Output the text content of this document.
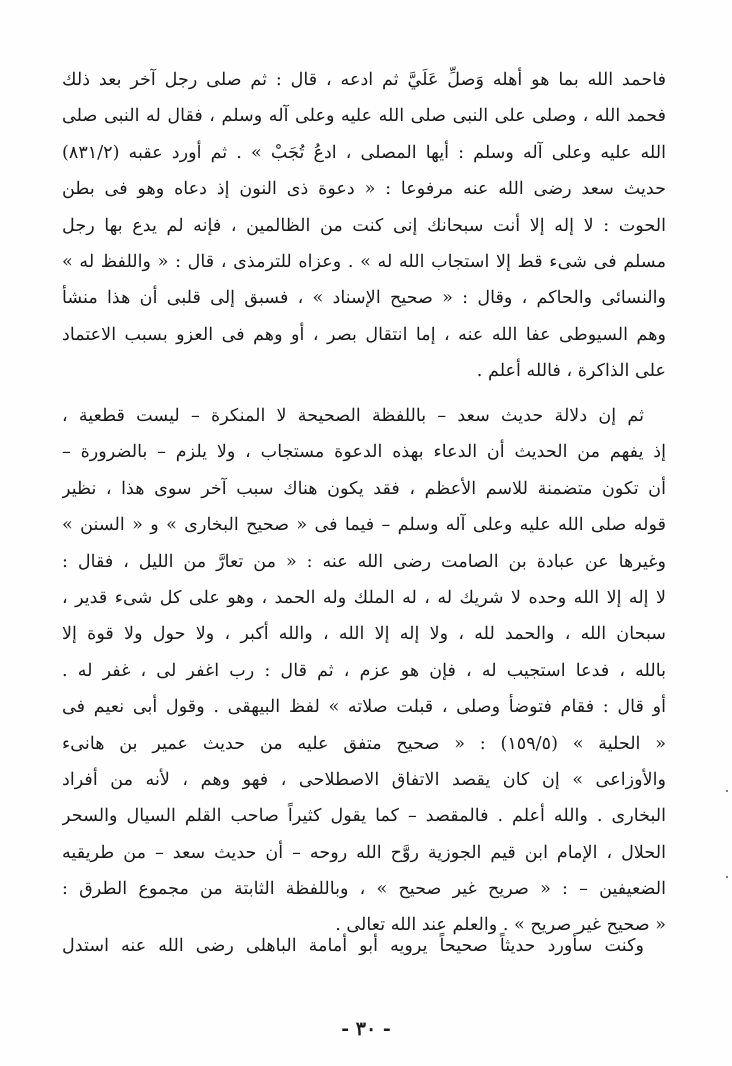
فاحمد الله بما هو أهله وَصلِّ عَلَيَّ ثم ادعه ، قال : ثم صلى رجل آخر بعد ذلك
فحمد الله ، وصلى على النبى صلى الله عليه وعلى آله وسلم ، فقال له النبى صلى
الله عليه وعلى آله وسلم : أيها المصلى ، ادعُ تُجَبْ » . ثم أورد عقبه (٨٣١/٢)
حديث سعد رضى الله عنه مرفوعا : « دعوة ذى النون إذ دعاه وهو فى بطن
الحوت : لا إله إلا أنت سبحانك إنى كنت من الظالمين ، فإنه لم يدع بها رجل
مسلم فى شىء قط إلا استجاب الله له » . وعزاه للترمذى ، قال : « واللفظ له »
والنسائى والحاكم ، وقال : « صحيح الإسناد » ، فسبق إلى قلبى أن هذا منشأ
وهم السيوطى عفا الله عنه ، إما انتقال بصر ، أو وهم فى العزو بسبب الاعتماد
على الذاكرة ، فالله أعلم .
ثم إن دلالة حديث سعد – باللفظة الصحيحة لا المنكرة – ليست قطعية ،
إذ يفهم من الحديث أن الدعاء بهذه الدعوة مستجاب ، ولا يلزم – بالضرورة –
أن تكون متضمنة للاسم الأعظم ، فقد يكون هناك سبب آخر سوى هذا ، نظير
قوله صلى الله عليه وعلى آله وسلم – فيما فى « صحيح البخارى » و « السنن »
وغيرها عن عبادة بن الصامت رضى الله عنه : « من تعارَّ من الليل ، فقال :
لا إله إلا الله وحده لا شريك له ، له الملك وله الحمد ، وهو على كل شىء قدير ،
سبحان الله ، والحمد لله ، ولا إله إلا الله ، والله أكبر ، ولا حول ولا قوة إلا
بالله ، فدعا استجيب له ، فإن هو عزم ، ثم قال : رب اغفر لى ، غفر له .
أو قال : فقام فتوضأ وصلى ، قبلت صلاته » لفظ البيهقى . وقول أبى نعيم فى
« الحلية » (١٥٩/٥) : « صحيح متفق عليه من حديث عمير بن هانىء
والأوزاعى » إن كان يقصد الاتفاق الاصطلاحى ، فهو وهم ، لأنه من أفراد
البخارى . والله أعلم . فالمقصد – كما يقول كثيراً صاحب القلم السيال والسحر
الحلال ، الإمام ابن قيم الجوزية روَّح الله روحه – أن حديث سعد – من طريقيه
الضعيفين – : « صريح غير صحيح » ، وباللفظة الثابتة من مجموع الطرق :
« صحيح غير صريح » . والعلم عند الله تعالى .
وكنت سأورد حديثاً صحيحاً يرويه أبو أمامة الباهلى رضى الله عنه استدل
- ٣٠ -
